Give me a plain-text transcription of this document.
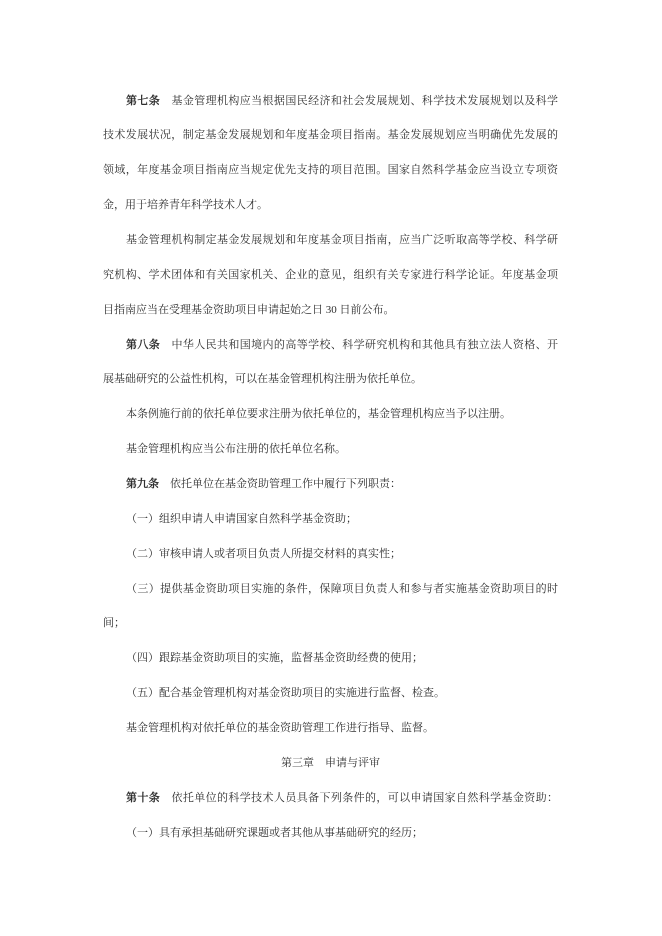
第七条　 基金管理机构应当根据国民经济和社会发展规划、科学技术发展规划以及科学
技术发展状况，制定基金发展规划和年度基金项目指南。基金发展规划应当明确优先发展的
领域，年度基金项目指南应当规定优先支持的项目范围。国家自然科学基金应当设立专项资
金，用于培养青年科学技术人才。
基金管理机构制定基金发展规划和年度基金项目指南，应当广泛听取高等学校、科学研
究机构、学术团体和有关国家机关、企业的意见，组织有关专家进行科学论证。年度基金项
目指南应当在受理基金资助项目申请起始之日 30 日前公布。
第八条　 中华人民共和国境内的高等学校、科学研究机构和其他具有独立法人资格、开
展基础研究的公益性机构，可以在基金管理机构注册为依托单位。
本条例施行前的依托单位要求注册为依托单位的，基金管理机构应当予以注册。
基金管理机构应当公布注册的依托单位名称。
第九条　 依托单位在基金资助管理工作中履行下列职责：
（一）组织申请人申请国家自然科学基金资助；
（二）审核申请人或者项目负责人所提交材料的真实性；
（三）提供基金资助项目实施的条件，保障项目负责人和参与者实施基金资助项目的时
间；
（四）跟踪基金资助项目的实施，监督基金资助经费的使用；
（五）配合基金管理机构对基金资助项目的实施进行监督、检查。
基金管理机构对依托单位的基金资助管理工作进行指导、监督。
第三章　申请与评审
第十条　 依托单位的科学技术人员具备下列条件的，可以申请国家自然科学基金资助：
（一）具有承担基础研究课题或者其他从事基础研究的经历；
